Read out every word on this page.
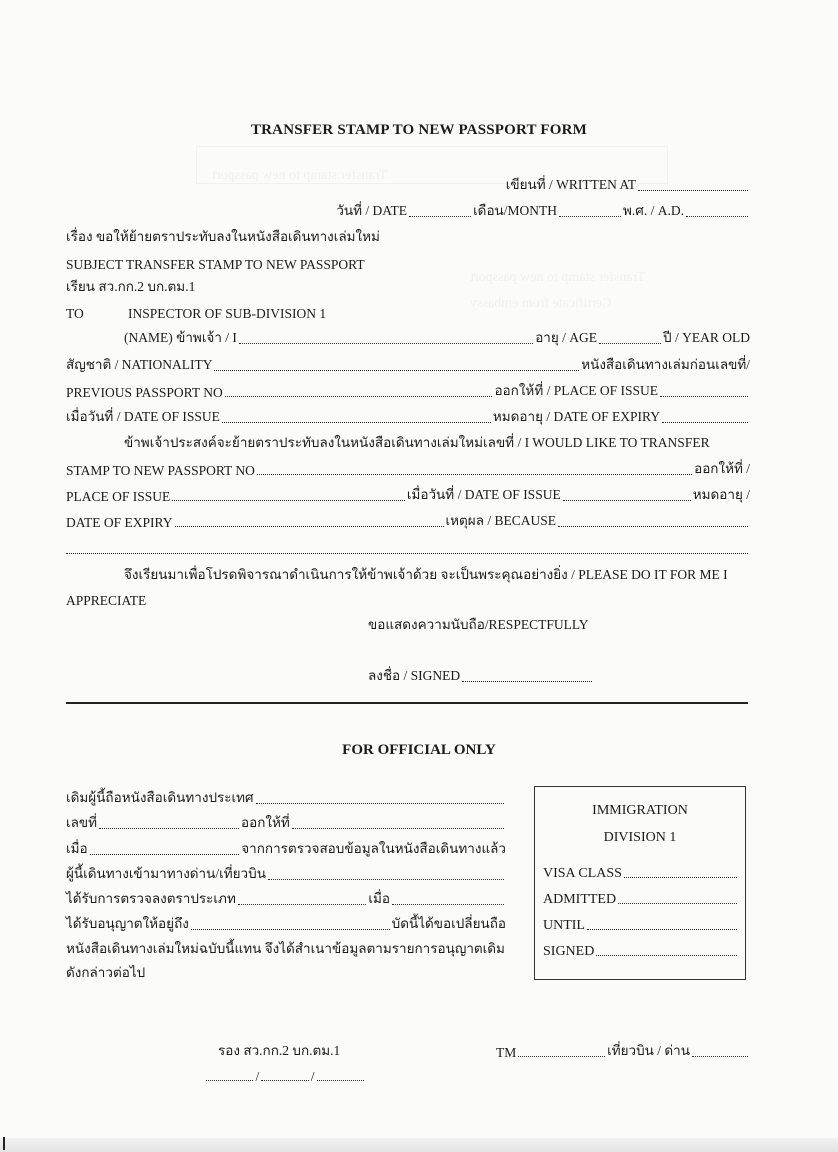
Transfer stamp to new passport
Transfer stamp to new passport
Certificate from embassy
TRANSFER STAMP TO NEW PASSPORT FORM
เขียนที่ / WRITTEN AT
วันที่ / DATE	เดือน/MONTH	พ.ศ. / A.D.
เรื่อง ขอให้ย้ายตราประทับลงในหนังสือเดินทางเล่มใหม่
SUBJECT TRANSFER STAMP TO NEW PASSPORT
เรียน สว.กก.2 บก.ตม.1
TO	INSPECTOR OF SUB-DIVISION 1
(NAME) ข้าพเจ้า / I	อายุ / AGE	ปี / YEAR OLD
สัญชาติ / NATIONALITY	หนังสือเดินทางเล่มก่อนเลขที่/
PREVIOUS PASSPORT NO	ออกให้ที่ / PLACE OF ISSUE
เมื่อวันที่ / DATE OF ISSUE	หมดอายุ / DATE OF EXPIRY
ข้าพเจ้าประสงค์จะย้ายตราประทับลงในหนังสือเดินทางเล่มใหม่เลขที่ / I WOULD LIKE TO TRANSFER
STAMP TO NEW PASSPORT NO	ออกให้ที่ /
PLACE OF ISSUE	เมื่อวันที่ / DATE OF ISSUE	หมดอายุ /
DATE OF EXPIRY	เหตุผล / BECAUSE
จึงเรียนมาเพื่อโปรดพิจารณาดำเนินการให้ข้าพเจ้าด้วย จะเป็นพระคุณอย่างยิ่ง / PLEASE DO IT FOR ME I
APPRECIATE
ขอแสดงความนับถือ/RESPECTFULLY
ลงชื่อ / SIGNED
FOR OFFICIAL ONLY
เดิมผู้นี้ถือหนังสือเดินทางประเทศ
เลขที่	ออกให้ที่
เมื่อ	จากการตรวจสอบข้อมูลในหนังสือเดินทางแล้ว
ผู้นี้เดินทางเข้ามาทางด่าน/เที่ยวบิน
ได้รับการตรวจลงตราประเภท	เมื่อ
ได้รับอนุญาตให้อยู่ถึง	บัดนี้ได้ขอเปลี่ยนถือ
หนังสือเดินทางเล่มใหม่ฉบับนี้แทน จึงได้สำเนาข้อมูลตามรายการอนุญาตเดิม
ดังกล่าวต่อไป
IMMIGRATION
DIVISION 1
VISA CLASS
ADMITTED
UNTIL
SIGNED
รอง สว.กก.2 บก.ตม.1	TM	เที่ยวบิน / ด่าน
/	/
